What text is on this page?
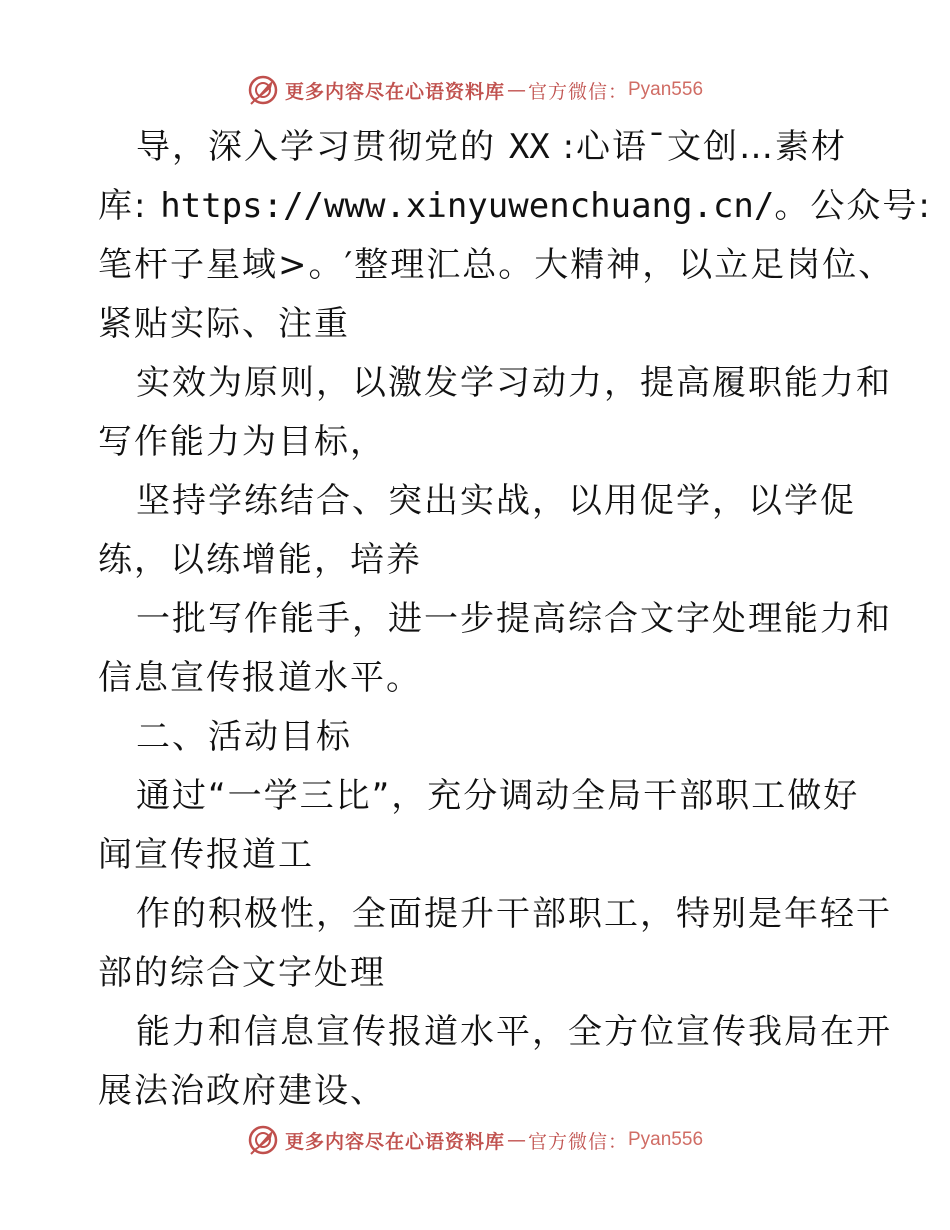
更多内容尽在心语资料库 — 官方微信： Pyan556
导，深入学习贯彻党的 XX :心语¯文创…素材
库: https://www.xinyuwenchuang.cn/。公众号:
笔杆子星域>。′整理汇总。大精神，以立足岗位、
紧贴实际、注重
实效为原则，以激发学习动力，提高履职能力和
写作能力为目标，
坚持学练结合、突出实战，以用促学，以学促
练，以练增能，培养
一批写作能手，进一步提高综合文字处理能力和
信息宣传报道水平。
二、活动目标
通过“一学三比”，充分调动全局干部职工做好
闻宣传报道工
作的积极性，全面提升干部职工，特别是年轻干
部的综合文字处理
能力和信息宣传报道水平，全方位宣传我局在开
展法治政府建设、
更多内容尽在心语资料库 — 官方微信： Pyan556
